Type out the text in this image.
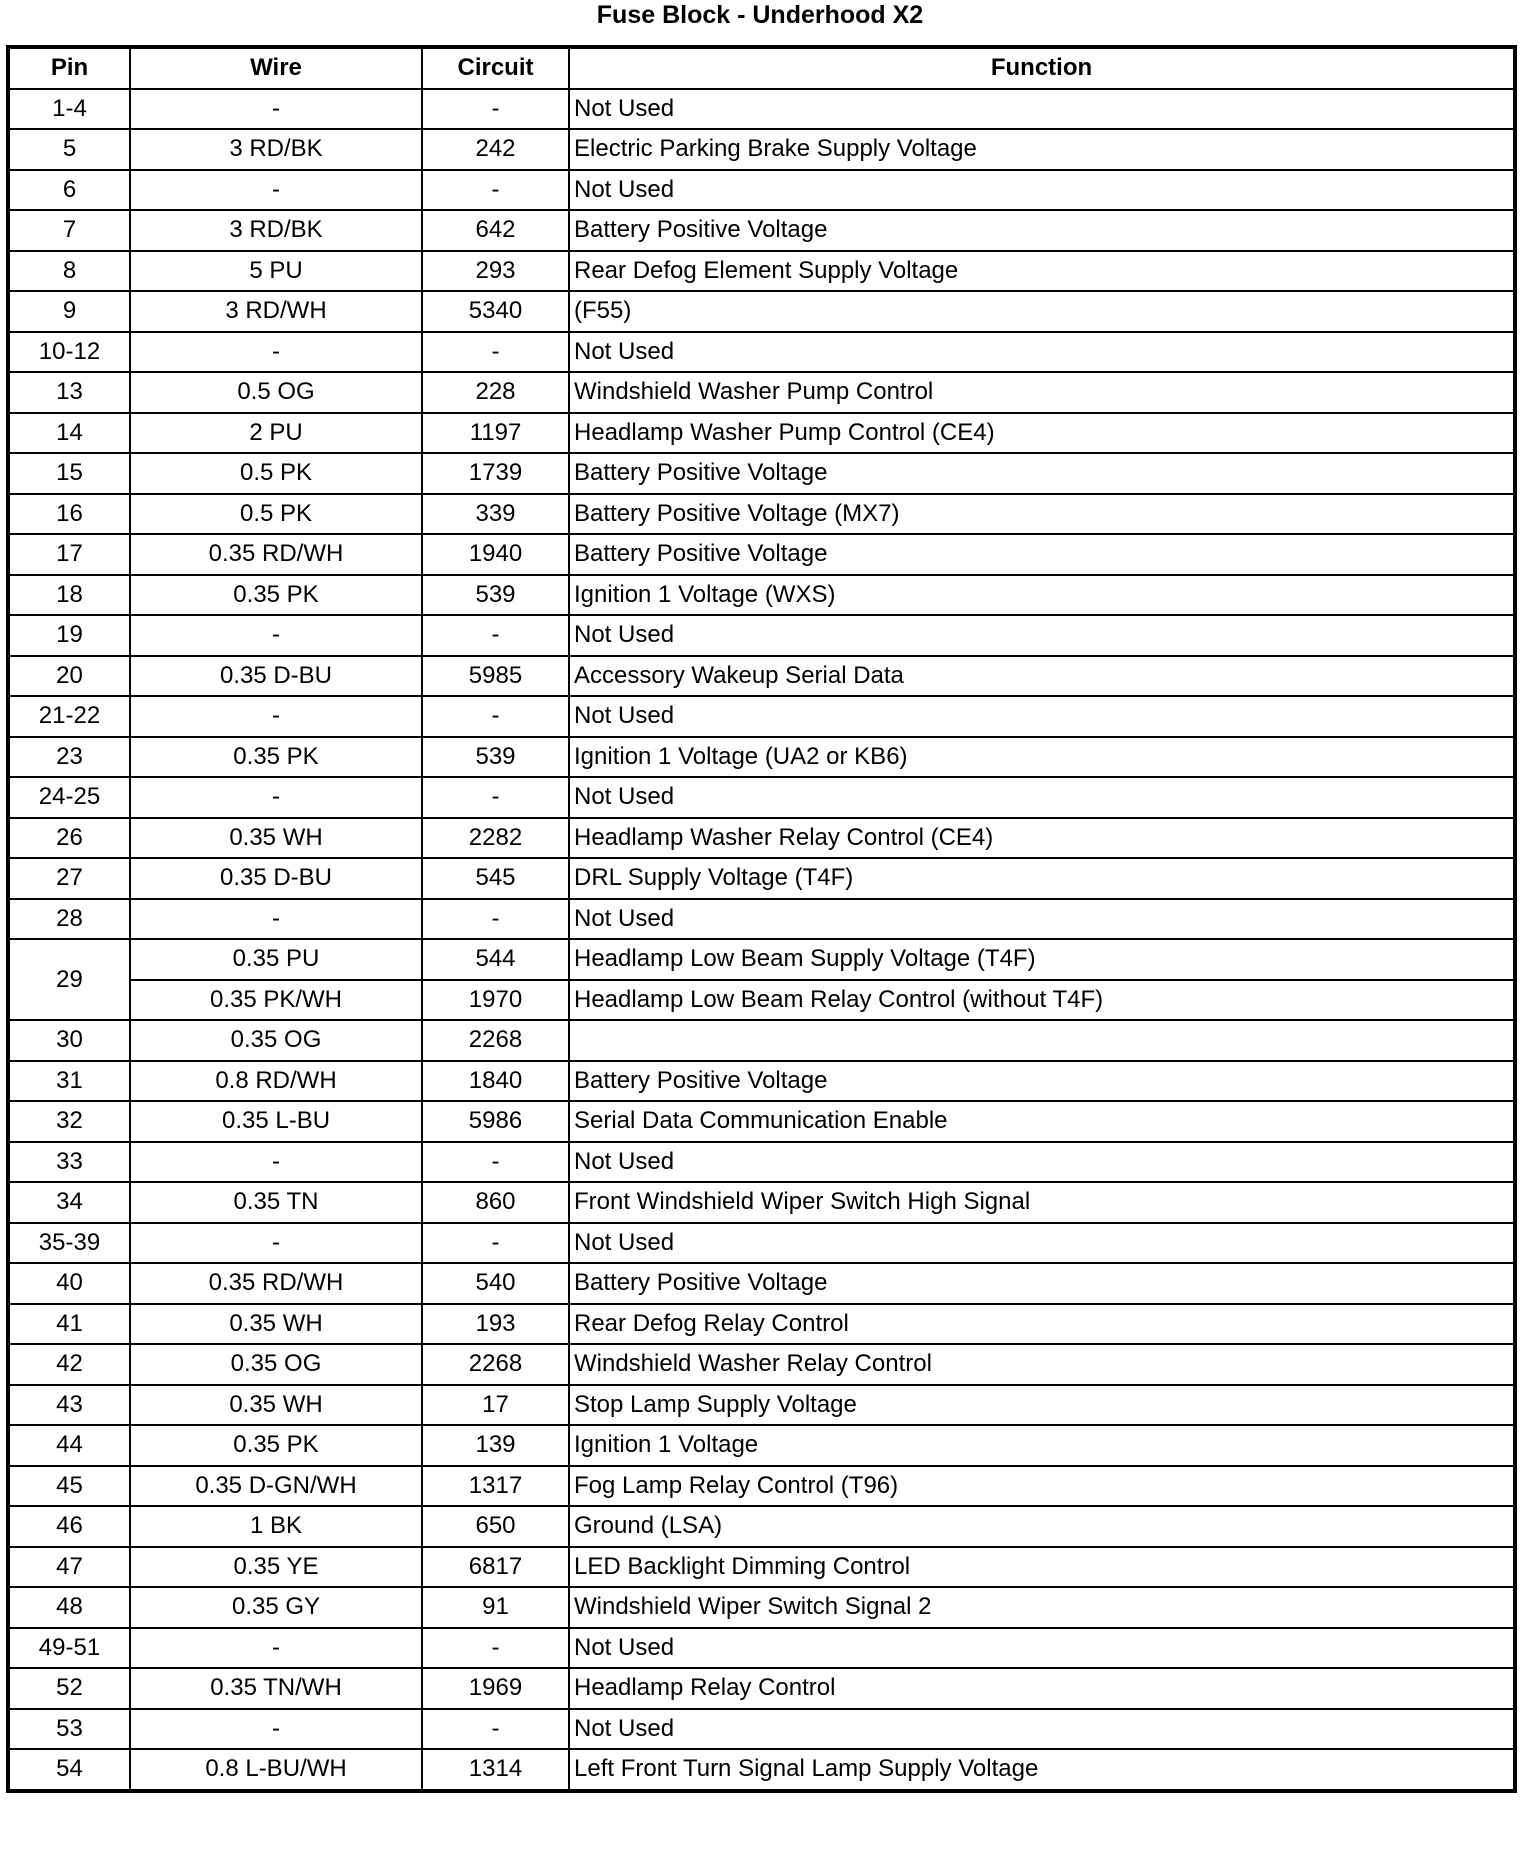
Fuse Block - Underhood X2
Pin	Wire	Circuit	Function
1-4	-	-	Not Used
5	3 RD/BK	242	Electric Parking Brake Supply Voltage
6	-	-	Not Used
7	3 RD/BK	642	Battery Positive Voltage
8	5 PU	293	Rear Defog Element Supply Voltage
9	3 RD/WH	5340	(F55)
10-12	-	-	Not Used
13	0.5 OG	228	Windshield Washer Pump Control
14	2 PU	1197	Headlamp Washer Pump Control (CE4)
15	0.5 PK	1739	Battery Positive Voltage
16	0.5 PK	339	Battery Positive Voltage (MX7)
17	0.35 RD/WH	1940	Battery Positive Voltage
18	0.35 PK	539	Ignition 1 Voltage (WXS)
19	-	-	Not Used
20	0.35 D-BU	5985	Accessory Wakeup Serial Data
21-22	-	-	Not Used
23	0.35 PK	539	Ignition 1 Voltage (UA2 or KB6)
24-25	-	-	Not Used
26	0.35 WH	2282	Headlamp Washer Relay Control (CE4)
27	0.35 D-BU	545	DRL Supply Voltage (T4F)
28	-	-	Not Used
29	0.35 PU	544	Headlamp Low Beam Supply Voltage (T4F)
	0.35 PK/WH	1970	Headlamp Low Beam Relay Control (without T4F)
30	0.35 OG	2268	
31	0.8 RD/WH	1840	Battery Positive Voltage
32	0.35 L-BU	5986	Serial Data Communication Enable
33	-	-	Not Used
34	0.35 TN	860	Front Windshield Wiper Switch High Signal
35-39	-	-	Not Used
40	0.35 RD/WH	540	Battery Positive Voltage
41	0.35 WH	193	Rear Defog Relay Control
42	0.35 OG	2268	Windshield Washer Relay Control
43	0.35 WH	17	Stop Lamp Supply Voltage
44	0.35 PK	139	Ignition 1 Voltage
45	0.35 D-GN/WH	1317	Fog Lamp Relay Control (T96)
46	1 BK	650	Ground (LSA)
47	0.35 YE	6817	LED Backlight Dimming Control
48	0.35 GY	91	Windshield Wiper Switch Signal 2
49-51	-	-	Not Used
52	0.35 TN/WH	1969	Headlamp Relay Control
53	-	-	Not Used
54	0.8 L-BU/WH	1314	Left Front Turn Signal Lamp Supply Voltage
